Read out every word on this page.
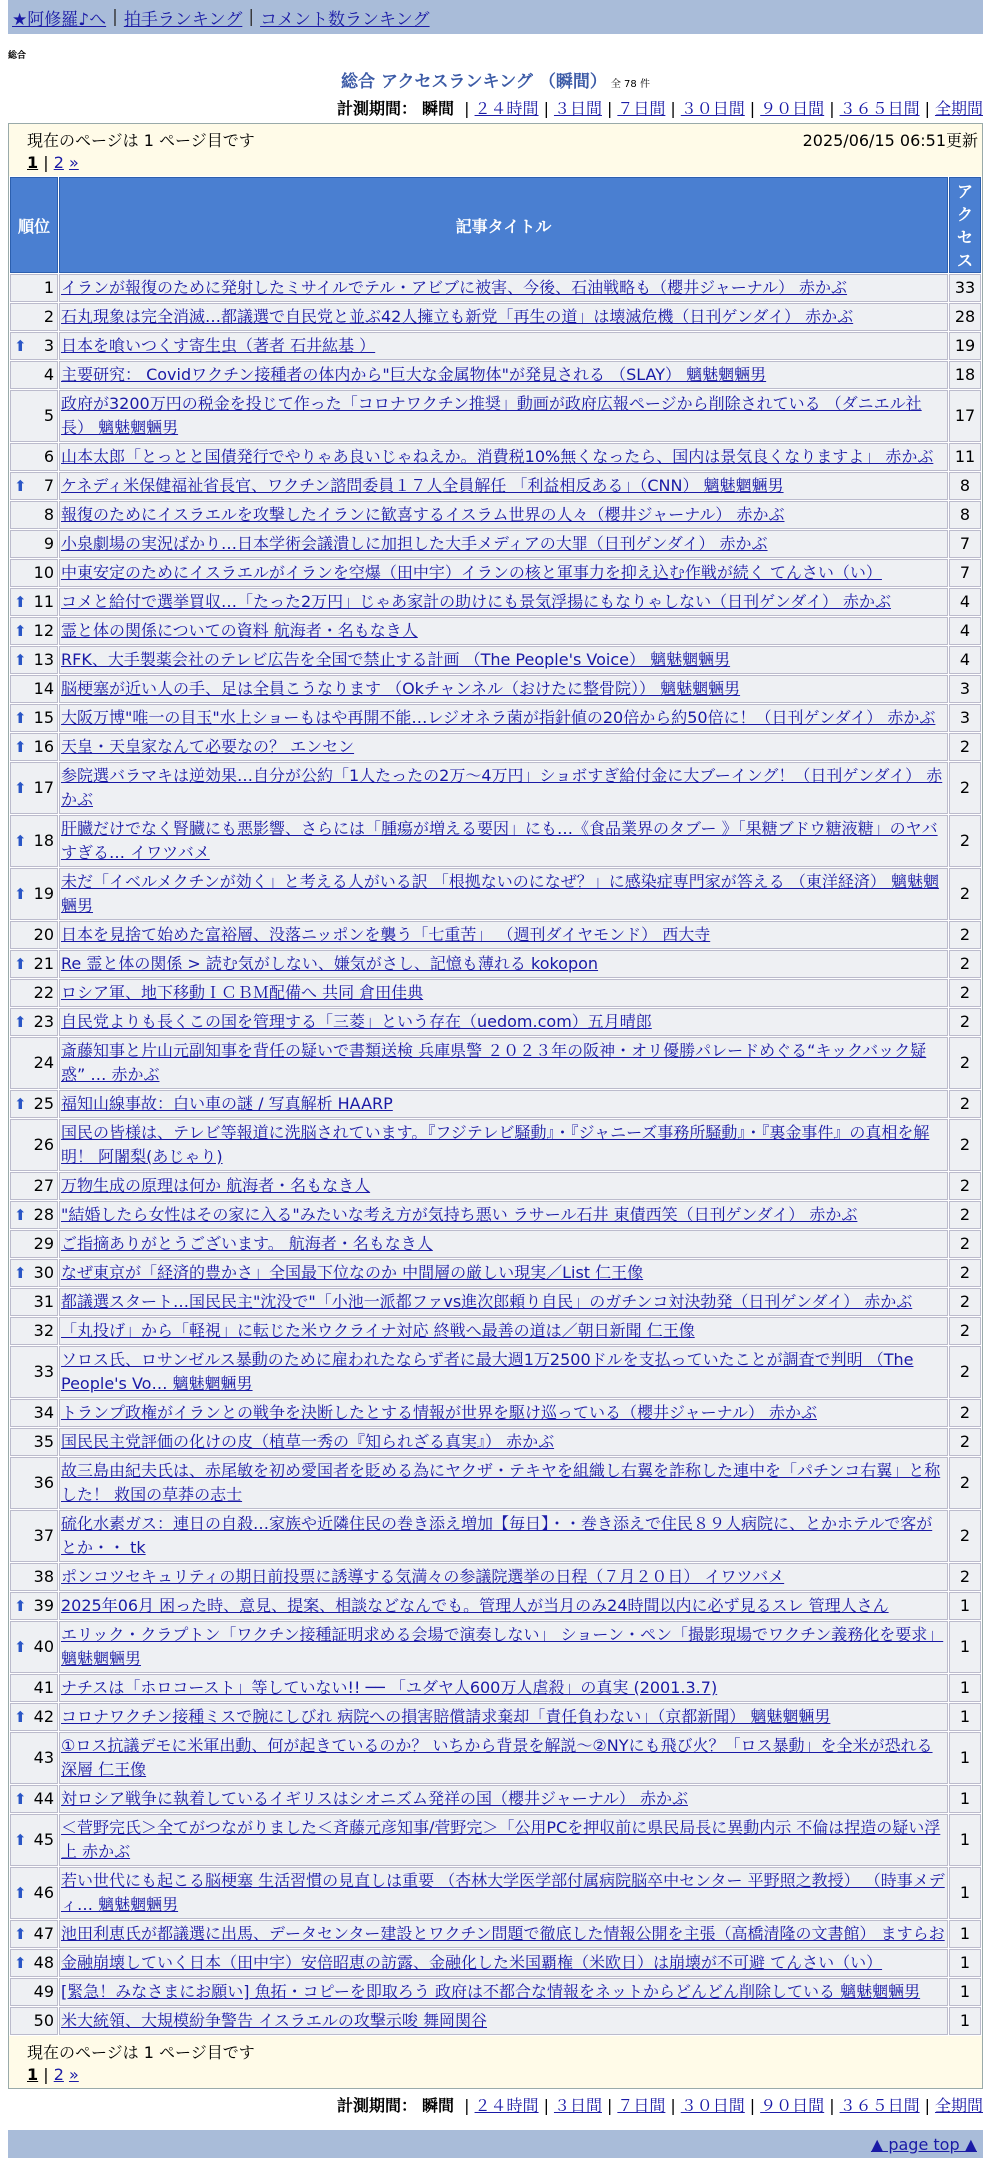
★阿修羅♪へ | 拍手ランキング | コメント数ランキング
総合
総合 アクセスランキング （瞬間） 全 78 件
計測期間： 瞬間 | ２４時間 | ３日間 | ７日間 | ３０日間 | ９０日間 | ３６５日間 | 全期間
現在のページは 1 ページ目です	2025/06/15 06:51更新
1 | 2 »
順位	記事タイトル	アクセス
1	イランが報復のために発射したミサイルでテル・アビブに被害、今後、石油戦略も（櫻井ジャーナル） 赤かぶ	33
2	石丸現象は完全消滅…都議選で自民党と並ぶ42人擁立も新党「再生の道」は壊滅危機（日刊ゲンダイ） 赤かぶ	28

⬆ 3	日本を喰いつくす寄生虫（著者 石井紘基 ）	19
4	主要研究： Covidワクチン接種者の体内から"巨大な金属物体"が発見される （SLAY） 魑魅魍魎男	18
5	政府が3200万円の税金を投じて作った「コロナワクチン推奨」動画が政府広報ページから削除されている （ダニエル社長） 魑魅魍魎男	17
6	山本太郎「とっとと国債発行でやりゃあ良いじゃねえか。消費税10%無くなったら、国内は景気良くなりますよ」 赤かぶ	11

⬆ 7	ケネディ米保健福祉省長官、ワクチン諮問委員１７人全員解任 「利益相反ある」（CNN） 魑魅魍魎男	8
8	報復のためにイスラエルを攻撃したイランに歓喜するイスラム世界の人々（櫻井ジャーナル） 赤かぶ	8
9	小泉劇場の実況ばかり…日本学術会議潰しに加担した大手メディアの大罪（日刊ゲンダイ） 赤かぶ	7
10	中東安定のためにイスラエルがイランを空爆（田中宇）イランの核と軍事力を抑え込む作戦が続く てんさい（い）	7

⬆ 11	コメと給付で選挙買収…「たった2万円」じゃあ家計の助けにも景気浮揚にもなりゃしない（日刊ゲンダイ） 赤かぶ	4

⬆ 12	霊と体の関係についての資料 航海者・名もなき人	4

⬆ 13	RFK、大手製薬会社のテレビ広告を全国で禁止する計画 （The People's Voice） 魑魅魍魎男	4
14	脳梗塞が近い人の手、足は全員こうなります （Okチャンネル（おけたに整骨院）） 魑魅魍魎男	3

⬆ 15	大阪万博"唯一の目玉"水上ショーもはや再開不能…レジオネラ菌が指針値の20倍から約50倍に！（日刊ゲンダイ） 赤かぶ	3

⬆ 16	天皇・天皇家なんて必要なの？ エンセン	2

⬆ 17	参院選バラマキは逆効果…自分が公約「1人たったの2万～4万円」ショボすぎ給付金に大ブーイング！（日刊ゲンダイ） 赤かぶ	2

⬆ 18	肝臓だけでなく腎臓にも悪影響、さらには「腫瘍が増える要因」にも…《食品業界のタブー 》「果糖ブドウ糖液糖」のヤバすぎる… イワツバメ	2

⬆ 19	未だ「イベルメクチンが効く」と考える人がいる訳 「根拠ないのになぜ？」に感染症専門家が答える （東洋経済） 魑魅魍魎男	2
20	日本を見捨て始めた富裕層、没落ニッポンを襲う「七重苦」 （週刊ダイヤモンド） 西大寺	2

⬆ 21	Re 霊と体の関係 > 読む気がしない、嫌気がさし、記憶も薄れる kokopon	2
22	ロシア軍、地下移動ＩＣＢＭ配備へ 共同 倉田佳典	2

⬆ 23	自民党よりも長くこの国を管理する「三菱」という存在（uedom.com）五月晴郎	2
24	斎藤知事と片山元副知事を背任の疑いで書類送検 兵庫県警 ２０２３年の阪神・オリ優勝パレードめぐる“キックバック疑惑” … 赤かぶ	2

⬆ 25	福知山線事故：白い車の謎 / 写真解析 HAARP	2
26	国民の皆様は、テレビ等報道に洗脳されています。『フジテレビ騒動』・『ジャニーズ事務所騒動』・『裏金事件』の真相を解明！ 阿闍梨(あじゃり)	2
27	万物生成の原理は何か 航海者・名もなき人	2

⬆ 28	"結婚したら女性はその家に入る"みたいな考え方が気持ち悪い ラサール石井 東債西笑（日刊ゲンダイ） 赤かぶ	2
29	ご指摘ありがとうございます。 航海者・名もなき人	2

⬆ 30	なぜ東京が「経済的豊かさ」全国最下位なのか 中間層の厳しい現実／List 仁王像	2
31	都議選スタート…国民民主"沈没で"「小池一派都ファvs進次郎頼り自民」のガチンコ対決勃発（日刊ゲンダイ） 赤かぶ	2
32	「丸投げ」から「軽視」に転じた米ウクライナ対応 終戦へ最善の道は／朝日新聞 仁王像	2
33	ソロス氏、ロサンゼルス暴動のために雇われたならず者に最大週1万2500ドルを支払っていたことが調査で判明 （The People's Vo… 魑魅魍魎男	2
34	トランプ政権がイランとの戦争を決断したとする情報が世界を駆け巡っている（櫻井ジャーナル） 赤かぶ	2
35	国民民主党評価の化けの皮（植草一秀の『知られざる真実』） 赤かぶ	2
36	故三島由紀夫氏は、赤尾敏を初め愛国者を貶める為にヤクザ・テキヤを組織し右翼を詐称した連中を「パチンコ右翼」と称した！ 救国の草莽の志士	2
37	硫化水素ガス：連日の自殺…家族や近隣住民の巻き添え増加【毎日】・・巻き添えで住民８９人病院に、とかホテルで客がとか・・ tk	2
38	ポンコツセキュリティの期日前投票に誘導する気満々の参議院選挙の日程（７月２０日） イワツバメ	2

⬆ 39	2025年06月 困った時、意見、提案、相談などなんでも。管理人が当月のみ24時間以内に必ず見るスレ 管理人さん	1

⬆ 40	エリック・クラプトン「ワクチン接種証明求める会場で演奏しない」 ショーン・ペン「撮影現場でワクチン義務化を要求」 魑魅魍魎男	1
41	ナチスは「ホロコースト」等していない!! ── 「ユダヤ人600万人虐殺」の真実 (2001.3.7)	1

⬆ 42	コロナワクチン接種ミスで腕にしびれ 病院への損害賠償請求棄却「責任負わない」（京都新聞） 魑魅魍魎男	1
43	①ロス抗議デモに米軍出動、何が起きているのか？ いちから背景を解説～②NYにも飛び火？「ロス暴動」を全米が恐れる深層 仁王像	1

⬆ 44	対ロシア戦争に執着しているイギリスはシオニズム発祥の国（櫻井ジャーナル） 赤かぶ	1

⬆ 45	＜菅野完氏＞全てがつながりました＜斉藤元彦知事/菅野完＞「公用PCを押収前に県民局長に異動内示 不倫は捏造の疑い浮上 赤かぶ	1

⬆ 46	若い世代にも起こる脳梗塞 生活習慣の見直しは重要 （杏林大学医学部付属病院脳卒中センター 平野照之教授） （時事メディ… 魑魅魍魎男	1

⬆ 47	池田利恵氏が都議選に出馬、データセンター建設とワクチン問題で徹底した情報公開を主張（高橋清隆の文書館） ますらお	1

⬆ 48	金融崩壊していく日本（田中宇）安倍昭恵の訪露、金融化した米国覇権（米欧日）は崩壊が不可避 てんさい（い）	1
49	[緊急！みなさまにお願い] 魚拓・コピーを即取ろう 政府は不都合な情報をネットからどんどん削除している 魑魅魍魎男	1
50	米大統領、大規模紛争警告 イスラエルの攻撃示唆 舞岡関谷	1
現在のページは 1 ページ目です
1 | 2 »
計測期間： 瞬間 | ２４時間 | ３日間 | ７日間 | ３０日間 | ９０日間 | ３６５日間 | 全期間
▲ page top ▲
